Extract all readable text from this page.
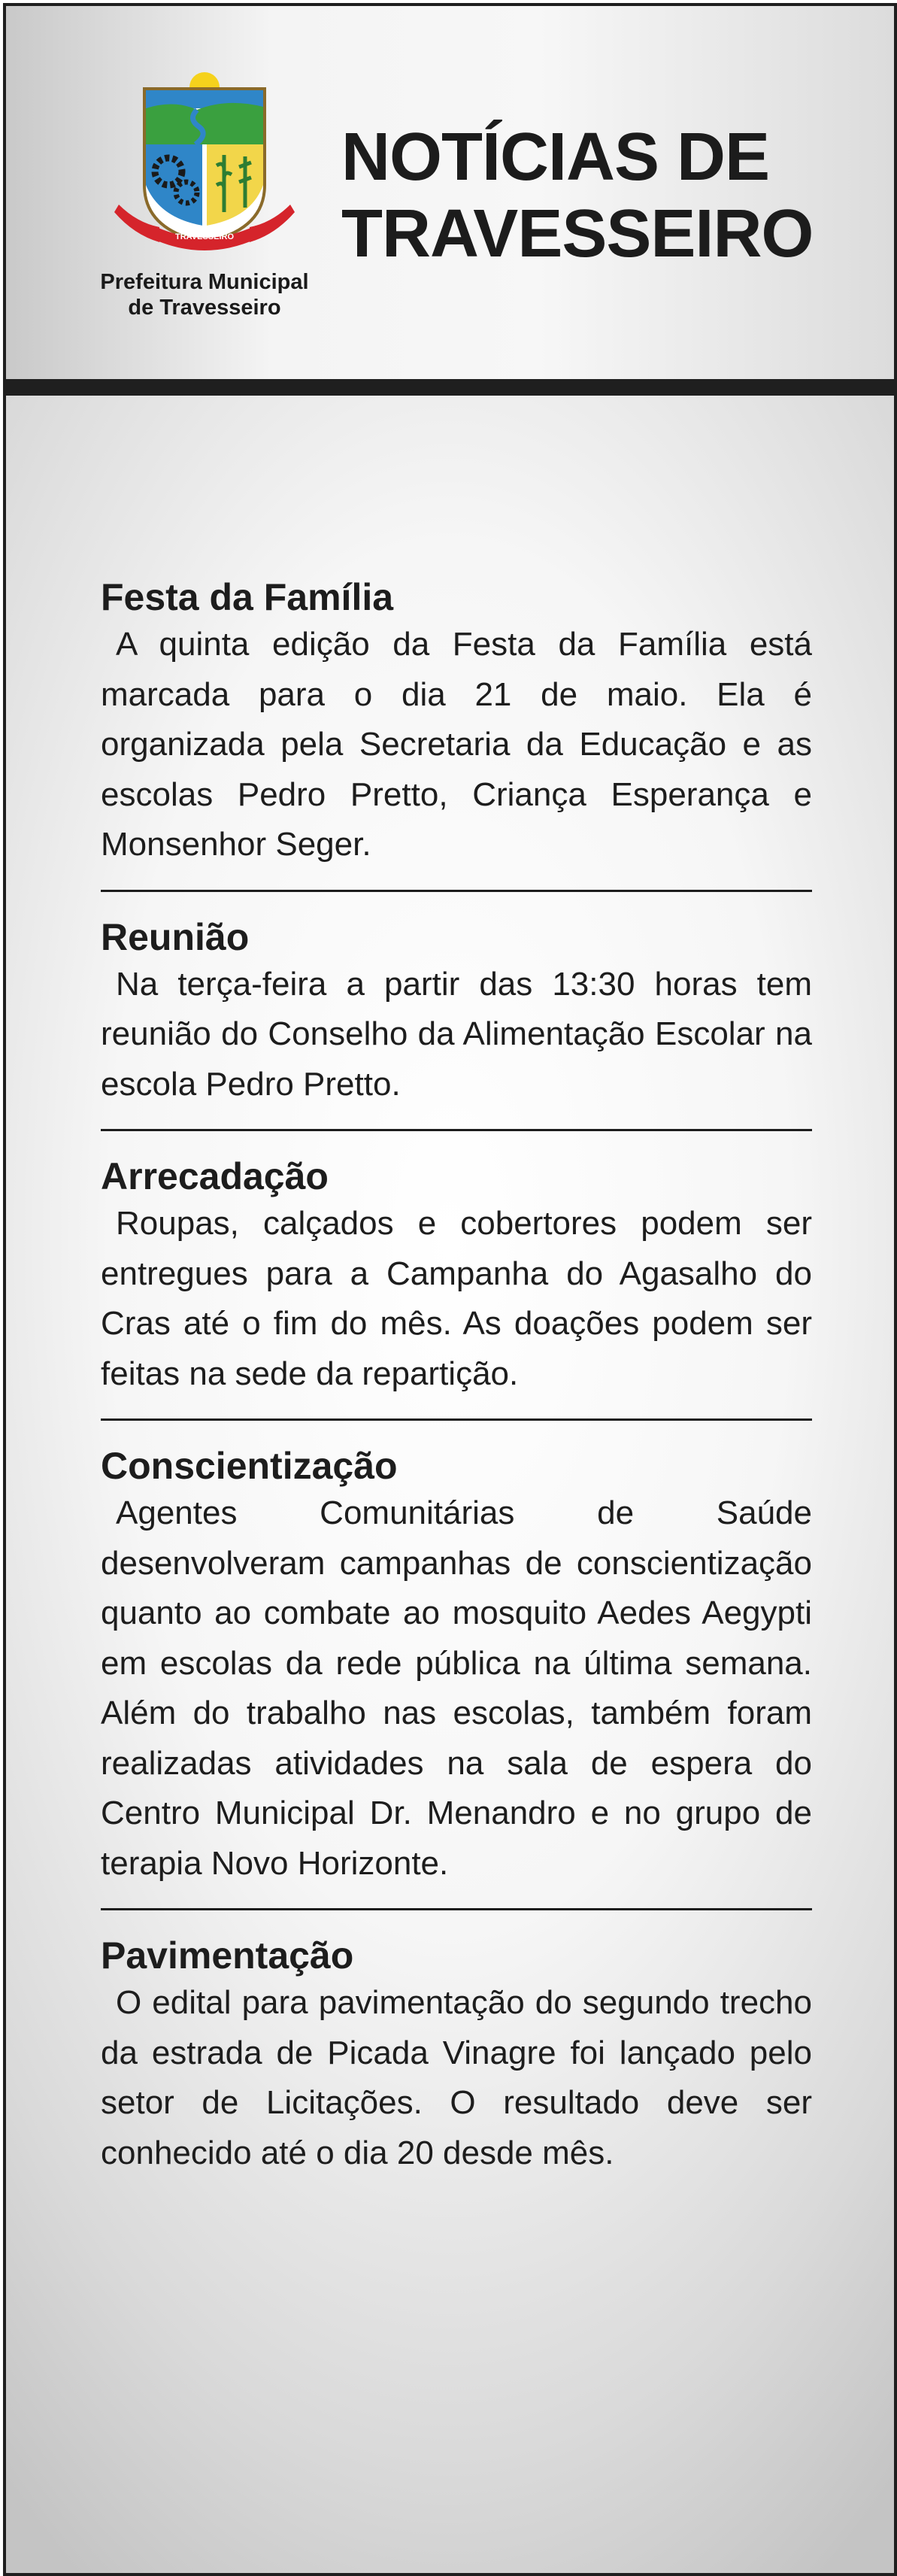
TRAVESSEIRO
Prefeitura Municipal
de Travesseiro
NOTÍCIAS DE
TRAVESSEIRO
Festa da Família

A quinta edição da Festa da Família está marcada para o dia 21 de maio. Ela é organizada pela Secretaria da Educação e as escolas Pedro Pretto, Criança Esperança e Monsenhor Seger.

Reunião

Na terça-feira a partir das 13:30 horas tem reunião do Conselho da Alimentação Escolar na escola Pedro Pretto.

Arrecadação

Roupas, calçados e cobertores podem ser entregues para a Campanha do Agasalho do Cras até o fim do mês. As doações podem ser feitas na sede da repartição.

Conscientização

Agentes Comunitárias de Saúde desenvolveram campanhas de conscientização quanto ao combate ao mosquito Aedes Aegypti em escolas da rede pública na última semana. Além do trabalho nas escolas, também foram realizadas atividades na sala de espera do Centro Municipal Dr. Menandro e no grupo de terapia Novo Horizonte.

Pavimentação

O edital para pavimentação do segundo trecho da estrada de Picada Vinagre foi lançado pelo setor de Licitações. O resultado deve ser conhecido até o dia 20 desde mês.
